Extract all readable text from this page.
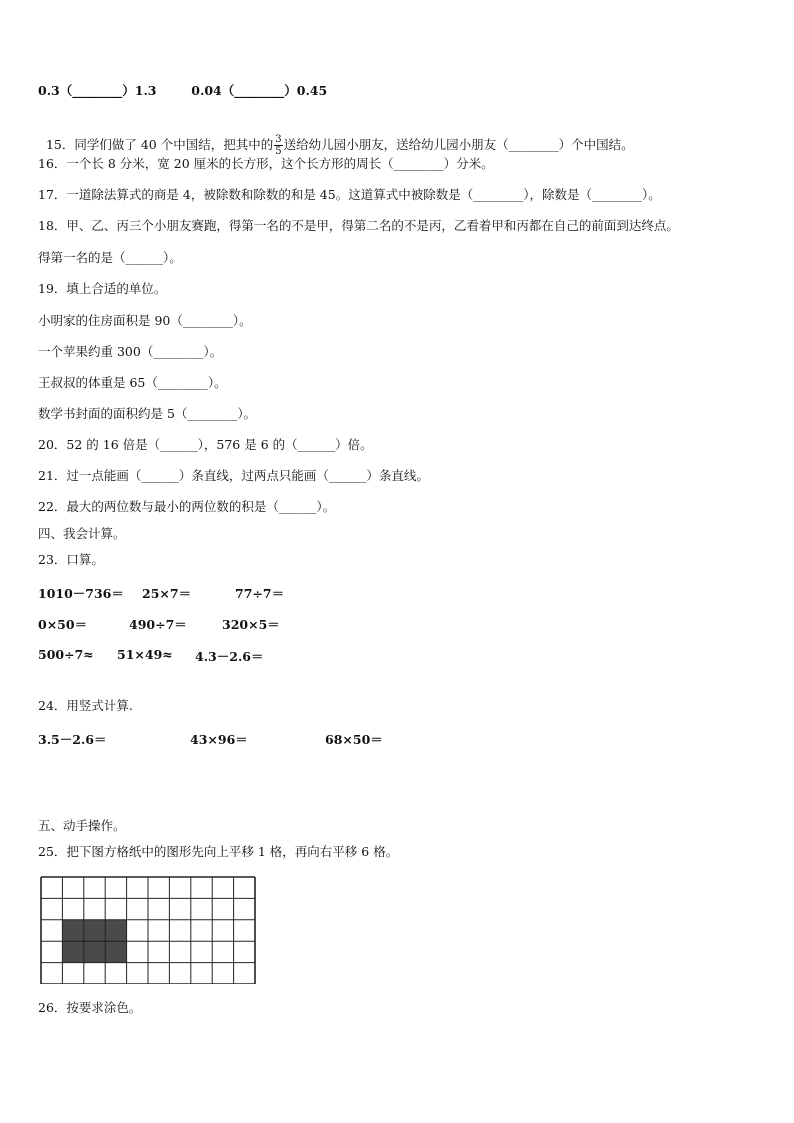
0.3（________）1.3        0.04（________）0.45

15．同学们做了 40 个中国结，把其中的 $\frac{3}{5}$ 送给幼儿园小朋友，送给幼儿园小朋友（________）个中国结。

16．一个长 8 分米，宽 20 厘米的长方形，这个长方形的周长（________）分米。
17．一道除法算式的商是 4，被除数和除数的和是 45。这道算式中被除数是（________），除数是（________）。
18．甲、乙、丙三个小朋友赛跑，得第一名的不是甲，得第二名的不是丙，乙看着甲和丙都在自己的前面到达终点。
得第一名的是（______）。
19．填上合适的单位。
小明家的住房面积是 90（________）。
一个苹果约重 300（________）。
王叔叔的体重是 65（________）。
数学书封面的面积约是 5（________）。
20．52 的 16 倍是（______），576 是 6 的（______）倍。
21．过一点能画（______）条直线，过两点只能画（______）条直线。
22．最大的两位数与最小的两位数的积是（______）。
四、我会计算。
23．口算。
1010－736＝ 25×7＝	77÷7＝
0×50＝	490÷7＝	320×5＝
500÷7≈ 51×49≈ 4.3－2.6＝
24．用竖式计算.
3.5－2.6＝	43×96＝	68×50＝
五、动手操作。
25．把下图方格纸中的图形先向上平移 1 格，再向右平移 6 格。
26．按要求涂色。
